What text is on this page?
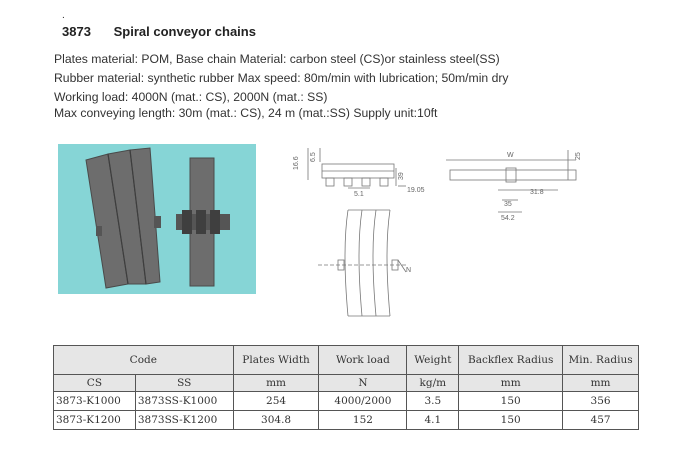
.
3873 Spiral conveyor chains
Plates material: POM, Base chain Material: carbon steel (CS)or stainless steel(SS)
Rubber material: synthetic rubber Max speed: 80m/min with lubrication; 50m/min dry
Working load: 4000N (mat.: CS), 2000N (mat.: SS)
Max conveying length: 30m (mat.: CS), 24 m (mat.:SS) Supply unit:10ft
16.6 6.5
39
19.05
5.1
W	25
31.8
35
54.2
N
Code		Plates Width	Work load	Weight	Backflex Radius	Min. Radius
CS	SS	mm	N	kg/m	mm	mm
3873-K1000	3873SS-K1000	254	4000/2000	3.5	150	356
3873-K1200	3873SS-K1200	304.8	152	4.1	150	457
